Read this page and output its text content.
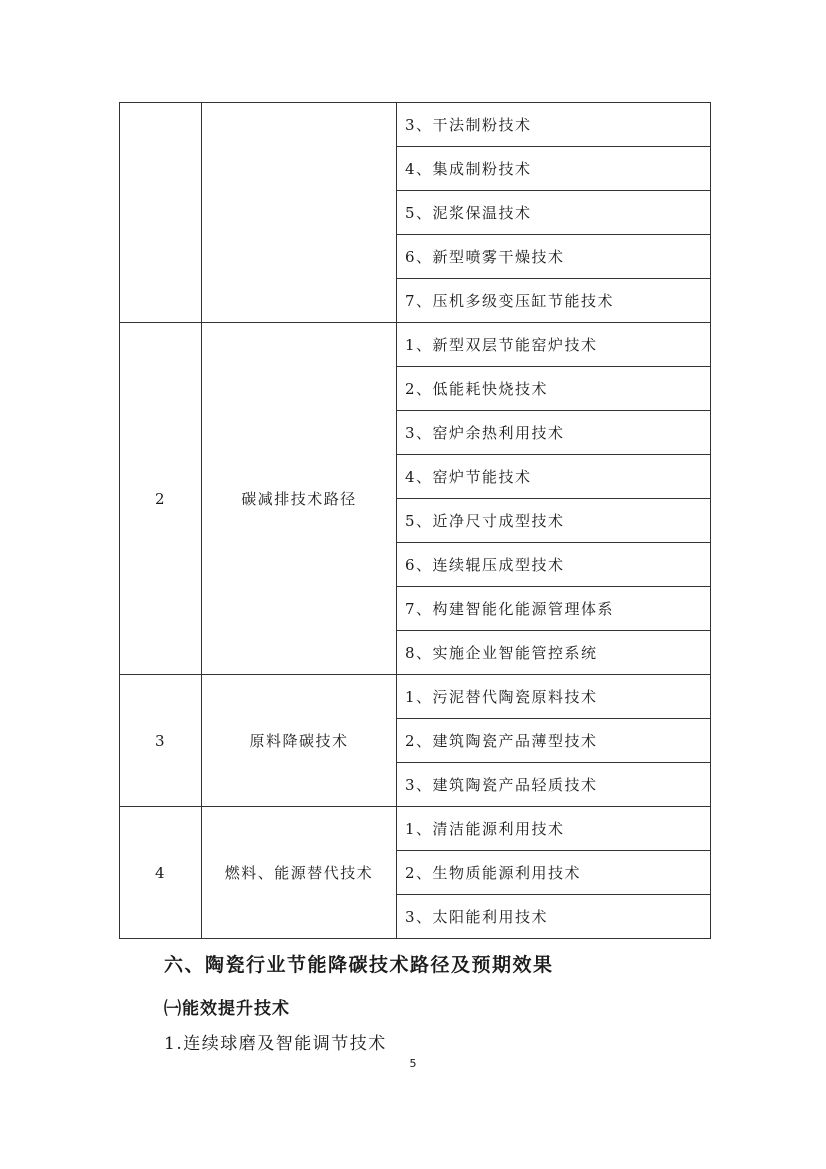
		3、干法制粉技术
		4、集成制粉技术
		5、泥浆保温技术
		6、新型喷雾干燥技术
		7、压机多级变压缸节能技术
2	碳减排技术路径	1、新型双层节能窑炉技术
		2、低能耗快烧技术
		3、窑炉余热利用技术
		4、窑炉节能技术
		5、近净尺寸成型技术
		6、连续辊压成型技术
		7、构建智能化能源管理体系
		8、实施企业智能管控系统
3	原料降碳技术	1、污泥替代陶瓷原料技术
		2、建筑陶瓷产品薄型技术
		3、建筑陶瓷产品轻质技术
4	燃料、能源替代技术	1、清洁能源利用技术
		2、生物质能源利用技术
		3、太阳能利用技术
六、陶瓷行业节能降碳技术路径及预期效果
㈠能效提升技术
1.连续球磨及智能调节技术
5
